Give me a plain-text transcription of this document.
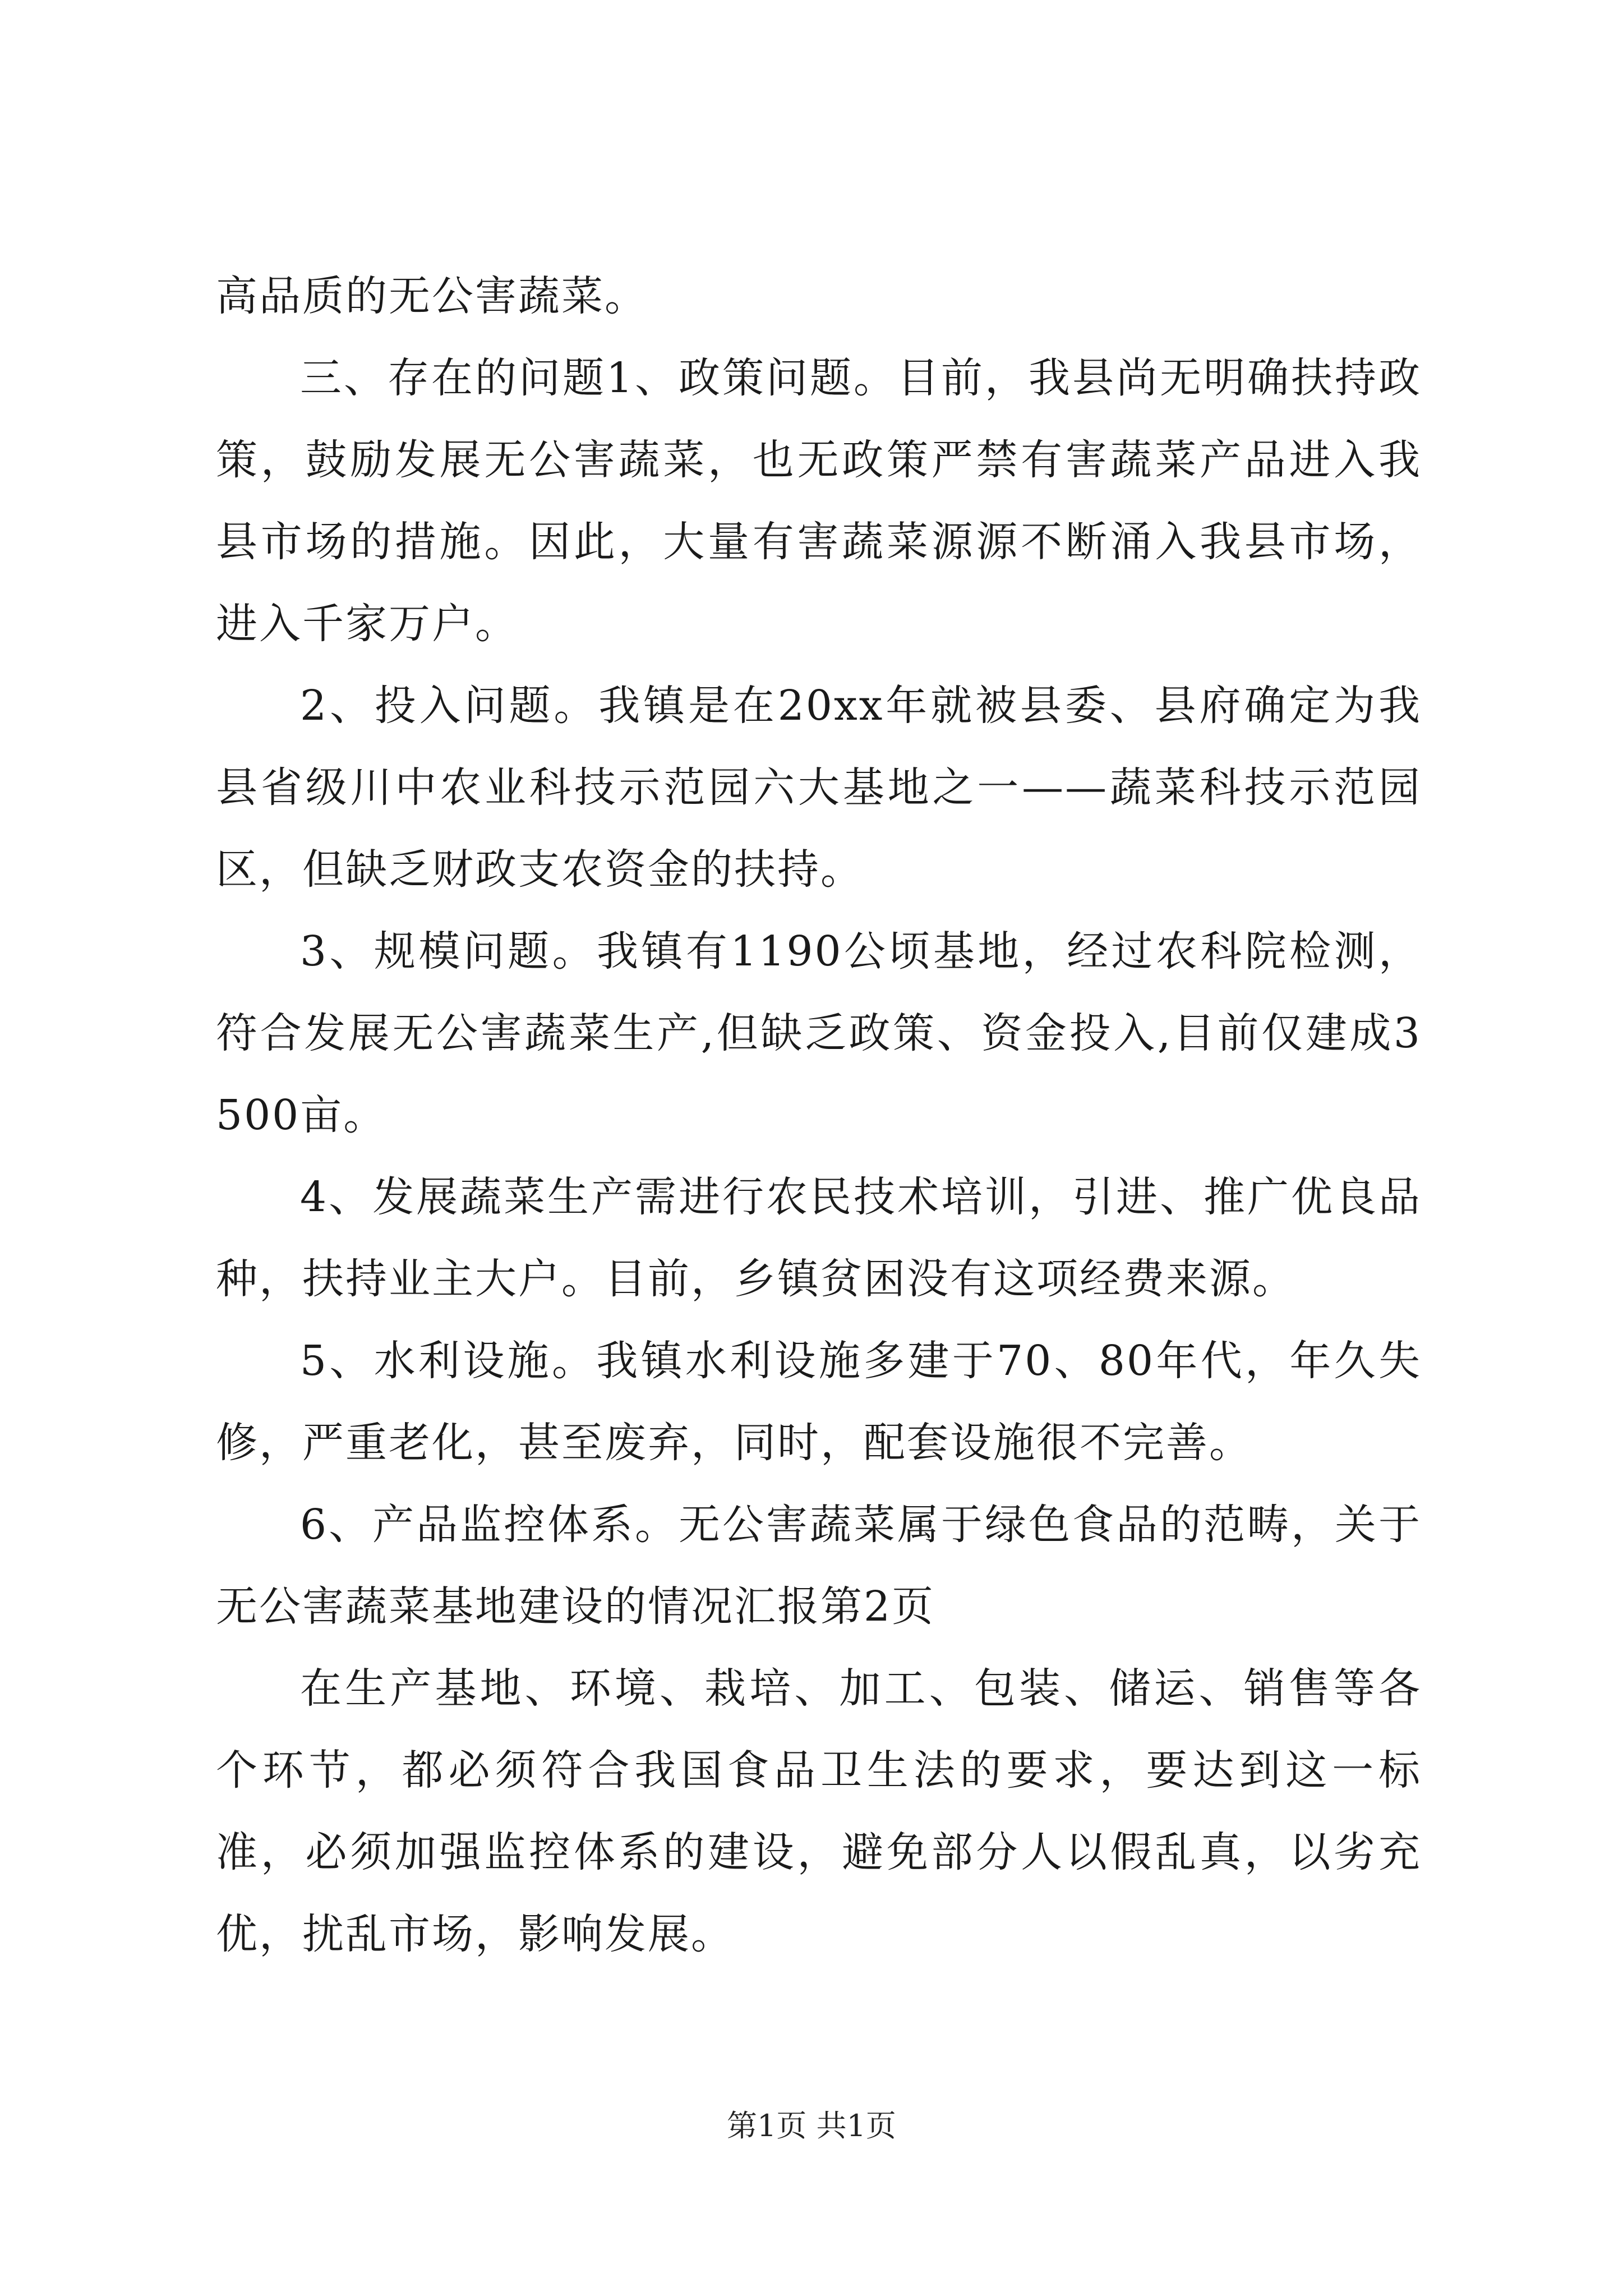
高品质的无公害蔬菜。

三、存在的问题1、政策问题。目前，我县尚无明确扶持政策，鼓励发展无公害蔬菜，也无政策严禁有害蔬菜产品进入我县市场的措施。因此，大量有害蔬菜源源不断涌入我县市场，进入千家万户。

2、投入问题。我镇是在20xx年就被县委、县府确定为我县省级川中农业科技示范园六大基地之一——蔬菜科技示范园区，但缺乏财政支农资金的扶持。

3、规模问题。我镇有1190公顷基地，经过农科院检测，符合发展无公害蔬菜生产,但缺乏政策、资金投入,目前仅建成3500亩。

4、发展蔬菜生产需进行农民技术培训，引进、推广优良品种，扶持业主大户。目前，乡镇贫困没有这项经费来源。

5、水利设施。我镇水利设施多建于70、80年代，年久失修，严重老化，甚至废弃，同时，配套设施很不完善。

6、产品监控体系。无公害蔬菜属于绿色食品的范畴，关于无公害蔬菜基地建设的情况汇报第2页

在生产基地、环境、栽培、加工、包装、储运、销售等各个环节，都必须符合我国食品卫生法的要求，要达到这一标准，必须加强监控体系的建设，避免部分人以假乱真，以劣充优，扰乱市场，影响发展。

第1页 共1页
